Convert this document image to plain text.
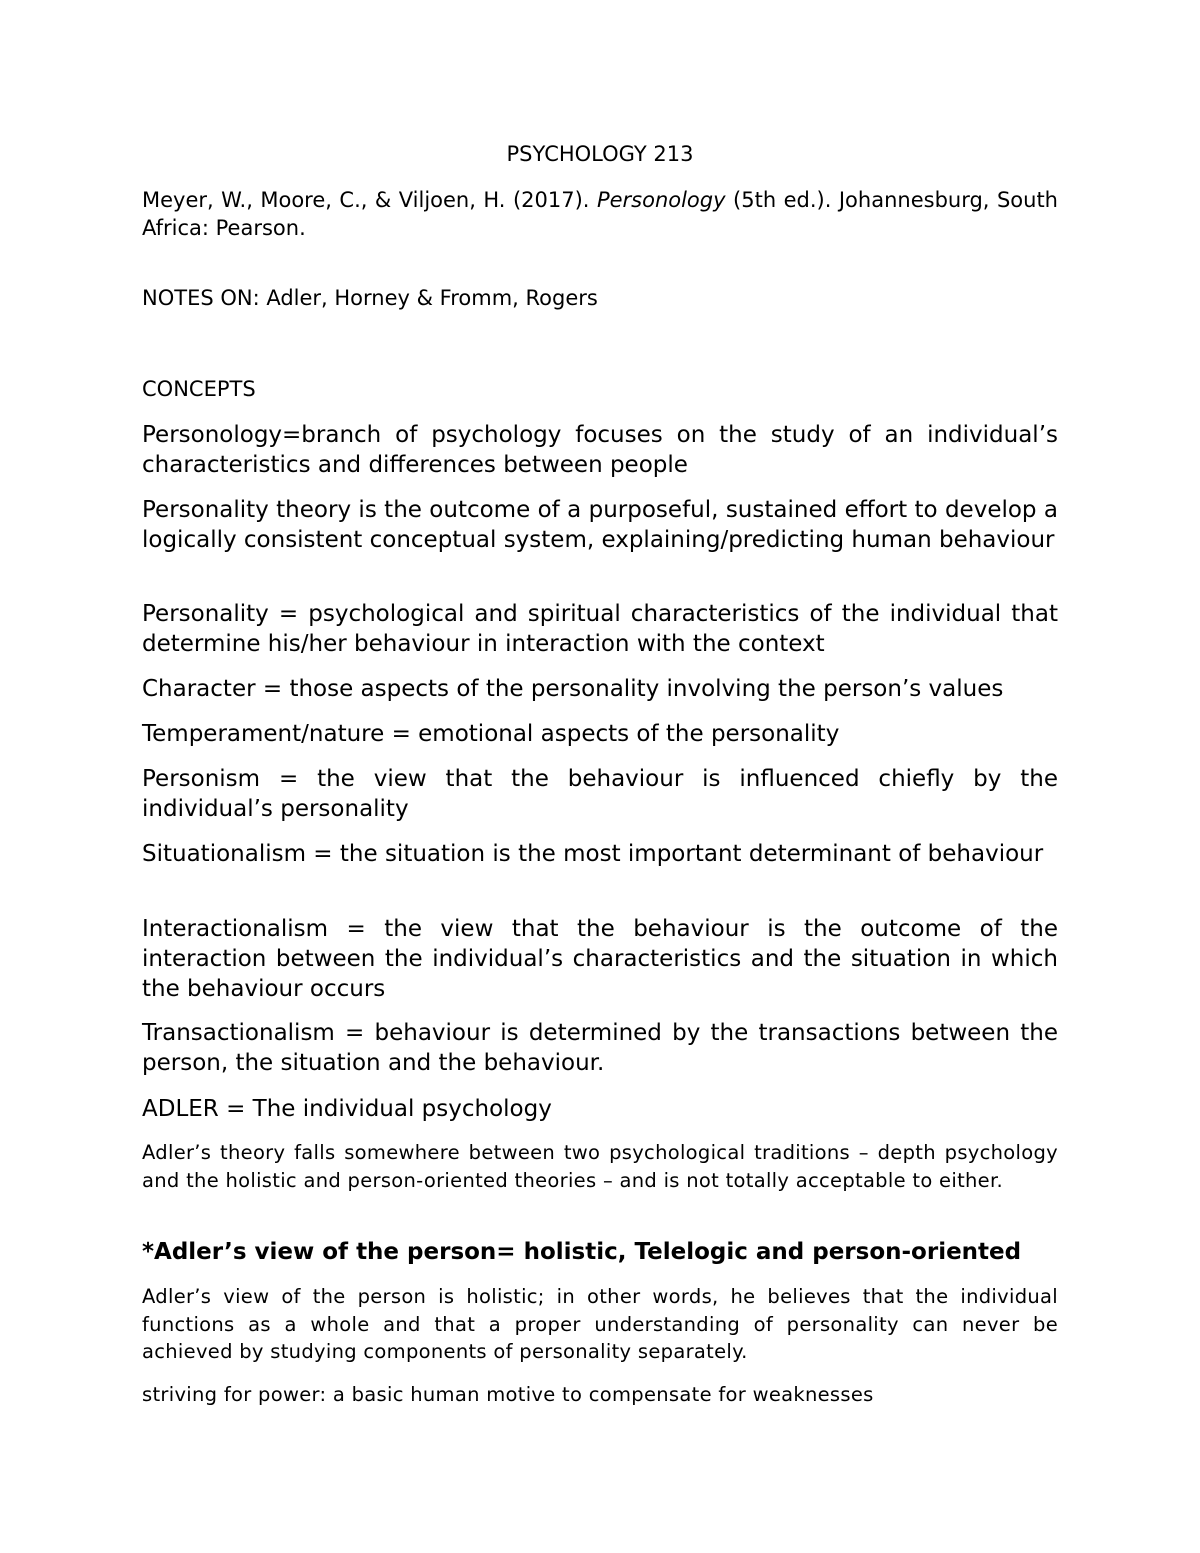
PSYCHOLOGY 213

Meyer, W., Moore, C., & Viljoen, H. (2017). Personology (5th ed.). Johannesburg, South Africa: Pearson.

NOTES ON: Adler, Horney & Fromm, Rogers

CONCEPTS

Personology=branch of psychology focuses on the study of an individual’s characteristics and differences between people

Personality theory is the outcome of a purposeful, sustained effort to develop a logically consistent conceptual system, explaining/predicting human behaviour

Personality = psychological and spiritual characteristics of the individual that determine his/her behaviour in interaction with the context

Character = those aspects of the personality involving the person’s values

Temperament/nature = emotional aspects of the personality

Personism = the view that the behaviour is influenced chiefly by the individual’s personality

Situationalism = the situation is the most important determinant of behaviour

Interactionalism = the view that the behaviour is the outcome of the interaction between the individual’s characteristics and the situation in which the behaviour occurs

Transactionalism = behaviour is determined by the transactions between the person, the situation and the behaviour.

ADLER = The individual psychology

Adler’s theory falls somewhere between two psychological traditions – depth psychology and the holistic and person-oriented theories – and is not totally acceptable to either.

*Adler’s view of the person= holistic, Telelogic and person-oriented

Adler’s view of the person is holistic; in other words, he believes that the individual functions as a whole and that a proper understanding of personality can never be achieved by studying components of personality separately.

striving for power: a basic human motive to compensate for weaknesses
